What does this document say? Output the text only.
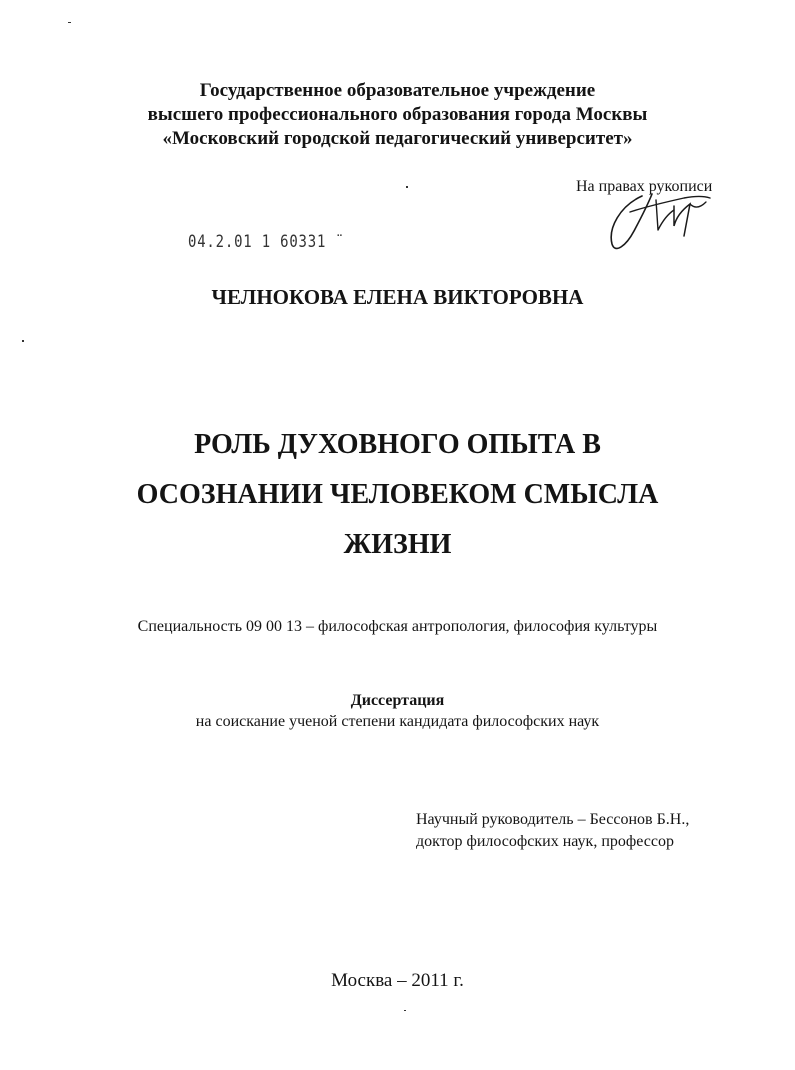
Государственное образовательное учреждение
высшего профессионального образования города Москвы
«Московский городской педагогический университет»
На правах рукописи
04.2.01 1 60331 ¨
ЧЕЛНОКОВА ЕЛЕНА ВИКТОРОВНА
РОЛЬ ДУХОВНОГО ОПЫТА В
ОСОЗНАНИИ ЧЕЛОВЕКОМ СМЫСЛА
ЖИЗНИ
Специальность 09 00 13 – философская антропология, философия культуры
Диссертация
на соискание ученой степени кандидата философских наук
Научный руководитель – Бессонов Б.Н.,
доктор философских наук, профессор
Москва – 2011 г.
